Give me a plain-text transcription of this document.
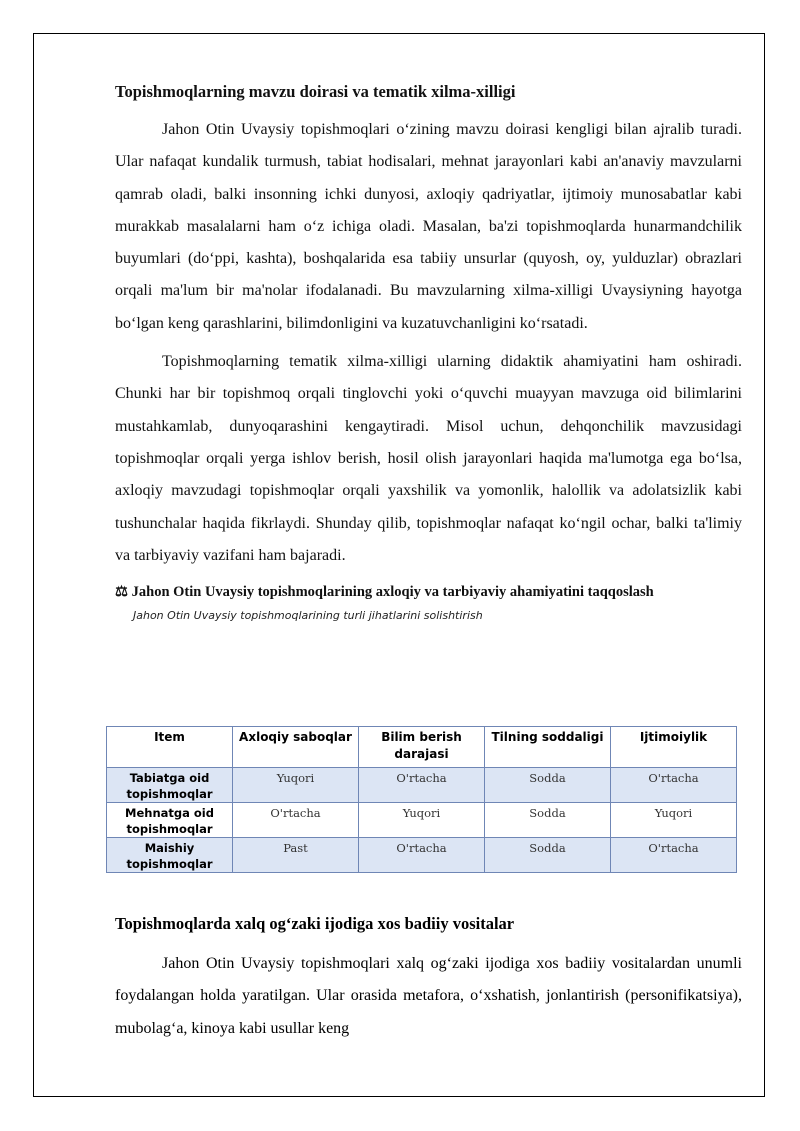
Topishmoqlarning mavzu doirasi va tematik xilma-xilligi

Jahon Otin Uvaysiy topishmoqlari o‘zining mavzu doirasi kengligi bilan ajralib turadi. Ular nafaqat kundalik turmush, tabiat hodisalari, mehnat jarayonlari kabi an'anaviy mavzularni qamrab oladi, balki insonning ichki dunyosi, axloqiy qadriyatlar, ijtimoiy munosabatlar kabi murakkab masalalarni ham o‘z ichiga oladi. Masalan, ba'zi topishmoqlarda hunarmandchilik buyumlari (do‘ppi, kashta), boshqalarida esa tabiiy unsurlar (quyosh, oy, yulduzlar) obrazlari orqali ma'lum bir ma'nolar ifodalanadi. Bu mavzularning xilma-xilligi Uvaysiyning hayotga bo‘lgan keng qarashlarini, bilimdonligini va kuzatuvchanligini ko‘rsatadi.

Topishmoqlarning tematik xilma-xilligi ularning didaktik ahamiyatini ham oshiradi. Chunki har bir topishmoq orqali tinglovchi yoki o‘quvchi muayyan mavzuga oid bilimlarini mustahkamlab, dunyoqarashini kengaytiradi. Misol uchun, dehqonchilik mavzusidagi topishmoqlar orqali yerga ishlov berish, hosil olish jarayonlari haqida ma'lumotga ega bo‘lsa, axloqiy mavzudagi topishmoqlar orqali yaxshilik va yomonlik, halollik va adolatsizlik kabi tushunchalar haqida fikrlaydi. Shunday qilib, topishmoqlar nafaqat ko‘ngil ochar, balki ta'limiy va tarbiyaviy vazifani ham bajaradi.

⚖ Jahon Otin Uvaysiy topishmoqlarining axloqiy va tarbiyaviy ahamiyatini taqqoslash
Jahon Otin Uvaysiy topishmoqlarining turli jihatlarini solishtirish
Item	Axloqiy saboqlar	Bilim berish darajasi	Tilning soddaligi	Ijtimoiylik
Tabiatga oid topishmoqlar	Yuqori	O'rtacha	Sodda	O'rtacha
Mehnatga oid topishmoqlar	O'rtacha	Yuqori	Sodda	Yuqori
Maishiy topishmoqlar	Past	O'rtacha	Sodda	O'rtacha
Topishmoqlarda xalq og‘zaki ijodiga xos badiiy vositalar

Jahon Otin Uvaysiy topishmoqlari xalq og‘zaki ijodiga xos badiiy vositalardan unumli foydalangan holda yaratilgan. Ular orasida metafora, o‘xshatish, jonlantirish (personifikatsiya), mubolag‘a, kinoya kabi usullar keng
